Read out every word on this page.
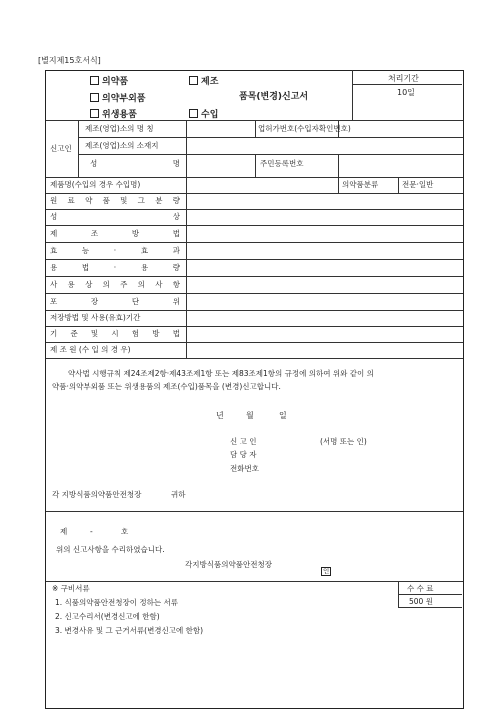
[별지제15호서식]
의약품	제조
의약부외품
위생용품	수입
품목(변경)신고서
처리기간
10일
신고인
제조(영업)소의 명 칭	업허가번호(수입자확인번호)
제조(영업)소의 소재지
성 명	주민등록번호
제품명(수입의 경우 수입명)	의약품분류	전문·일반
원 료 약 품 및 그 분 량
성 상
제 조 방 법
효 능 · 효 과
용 법 · 용 량
사 용 상 의 주 의 사 항
포 장 단 위
저장방법 및 사용(유효)기간
기 준 및 시 험 방 법
제 조 원 (수 입 의 경 우)
약사법 시행규칙 제24조제2항·제43조제1항 또는 제83조제1항의 규정에 의하여 위와 같이 의
약품·의약부외품 또는 위생용품의 제조(수입)품목을 (변경)신고합니다.
년	월	일
신 고 인	(서명 또는 인)
담 당 자
전화번호
각 지방식품의약품안전청장	귀하
제	-	호
위의 신고사항을 수리하였습니다.
각지방식품의약품안전청장
인
※ 구비서류
1. 식품의약품안전청장이 정하는 서류
2. 신고수리서(변경신고에 한함)
3. 변경사유 및 그 근거서류(변경신고에 한함)
수 수 료
500 원
